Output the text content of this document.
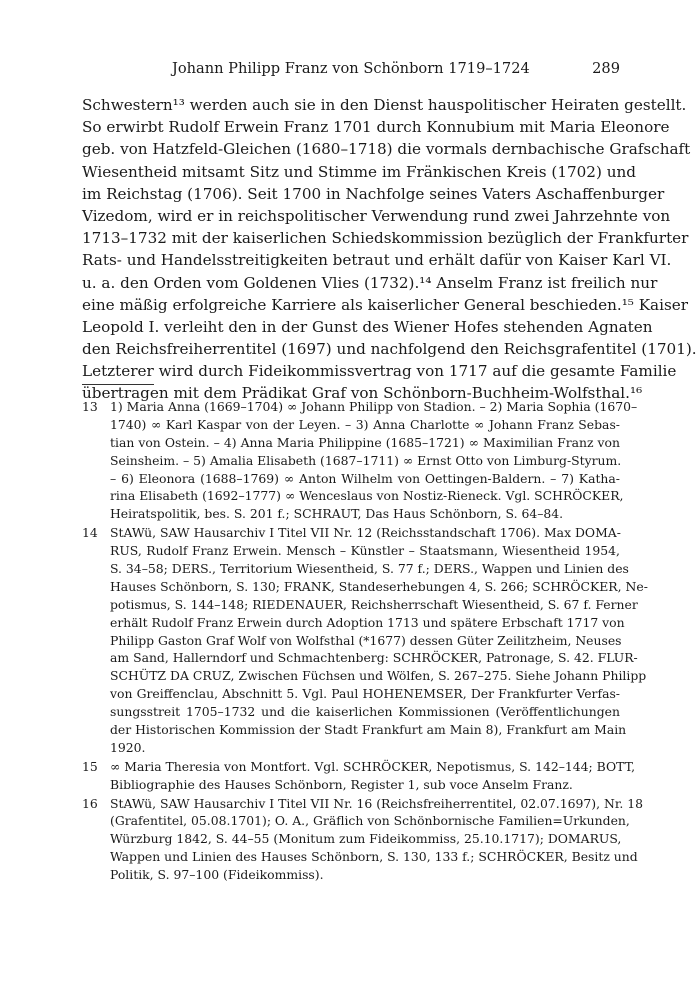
Johann Philipp Franz von Schönborn 1719–1724	289
Schwestern¹³ werden auch sie in den Dienst hauspolitischer Heiraten gestellt.
So erwirbt Rudolf Erwein Franz 1701 durch Konnubium mit Maria Eleonore
geb. von Hatzfeld-Gleichen (1680–1718) die vormals dernbachische Grafschaft
Wiesentheid mitsamt Sitz und Stimme im Fränkischen Kreis (1702) und
im Reichstag (1706). Seit 1700 in Nachfolge seines Vaters Aschaffenburger
Vizedom, wird er in reichspolitischer Verwendung rund zwei Jahrzehnte von
1713–1732 mit der kaiserlichen Schiedskommission bezüglich der Frankfurter
Rats- und Handelsstreitigkeiten betraut und erhält dafür von Kaiser Karl VI.
u. a. den Orden vom Goldenen Vlies (1732).¹⁴ Anselm Franz ist freilich nur
eine mäßig erfolgreiche Karriere als kaiserlicher General beschieden.¹⁵ Kaiser
Leopold I. verleiht den in der Gunst des Wiener Hofes stehenden Agnaten
den Reichsfreiherrentitel (1697) und nachfolgend den Reichsgrafentitel (1701).
Letzterer wird durch Fideikommissvertrag von 1717 auf die gesamte Familie
übertragen mit dem Prädikat Graf von Schönborn-Buchheim-Wolfsthal.¹⁶
13 1) Maria Anna (1669–1704) ∞ Johann Philipp von Stadion. – 2) Maria Sophia (1670–
1740) ∞ Karl Kaspar von der Leyen. – 3) Anna Charlotte ∞ Johann Franz Sebas-
tian von Ostein. – 4) Anna Maria Philippine (1685–1721) ∞ Maximilian Franz von
Seinsheim. – 5) Amalia Elisabeth (1687–1711) ∞ Ernst Otto von Limburg-Styrum.
– 6) Eleonora (1688–1769) ∞ Anton Wilhelm von Oettingen-Baldern. – 7) Katha-
rina Elisabeth (1692–1777) ∞ Wenceslaus von Nostiz-Rieneck. Vgl. SCHRÖCKER,
Heiratspolitik, bes. S. 201 f.; SCHRAUT, Das Haus Schönborn, S. 64–84.
14 StAWü, SAW Hausarchiv I Titel VII Nr. 12 (Reichsstandschaft 1706). Max DOMA-
RUS, Rudolf Franz Erwein. Mensch – Künstler – Staatsmann, Wiesentheid 1954,
S. 34–58; DERS., Territorium Wiesentheid, S. 77 f.; DERS., Wappen und Linien des
Hauses Schönborn, S. 130; FRANK, Standeserhebungen 4, S. 266; SCHRÖCKER, Ne-
potismus, S. 144–148; RIEDENAUER, Reichsherrschaft Wiesentheid, S. 67 f. Ferner
erhält Rudolf Franz Erwein durch Adoption 1713 und spätere Erbschaft 1717 von
Philipp Gaston Graf Wolf von Wolfsthal (*1677) dessen Güter Zeilitzheim, Neuses
am Sand, Hallerndorf und Schmachtenberg: SCHRÖCKER, Patronage, S. 42. FLUR-
SCHÜTZ DA CRUZ, Zwischen Füchsen und Wölfen, S. 267–275. Siehe Johann Philipp
von Greiffenclau, Abschnitt 5. Vgl. Paul HOHENEMSER, Der Frankfurter Verfas-
sungsstreit 1705–1732 und die kaiserlichen Kommissionen (Veröffentlichungen
der Historischen Kommission der Stadt Frankfurt am Main 8), Frankfurt am Main
1920.
15 ∞ Maria Theresia von Montfort. Vgl. SCHRÖCKER, Nepotismus, S. 142–144; BOTT,
Bibliographie des Hauses Schönborn, Register 1, sub voce Anselm Franz.
16 StAWü, SAW Hausarchiv I Titel VII Nr. 16 (Reichsfreiherrentitel, 02.07.1697), Nr. 18
(Grafentitel, 05.08.1701); O. A., Gräflich von Schönbornische Familien=Urkunden,
Würzburg 1842, S. 44–55 (Monitum zum Fideikommiss, 25.10.1717); DOMARUS,
Wappen und Linien des Hauses Schönborn, S. 130, 133 f.; SCHRÖCKER, Besitz und
Politik, S. 97–100 (Fideikommiss).
